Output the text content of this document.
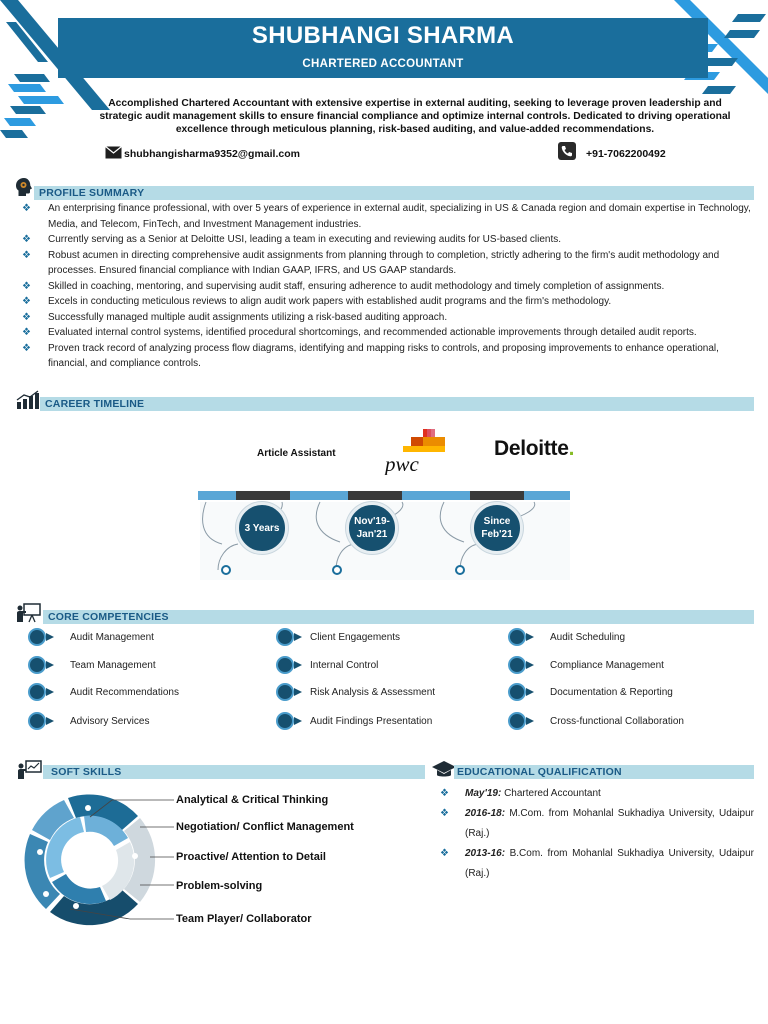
SHUBHANGI SHARMA
CHARTERED ACCOUNTANT
Accomplished Chartered Accountant with extensive expertise in external auditing, seeking to leverage proven leadership and strategic audit management skills to ensure financial compliance and optimize internal controls. Dedicated to driving operational excellence through meticulous planning, risk-based auditing, and value-added recommendations.
shubhangisharma9352@gmail.com	+91-7062200492
PROFILE SUMMARY
❖ An enterprising finance professional, with over 5 years of experience in external audit, specializing in US & Canada region and domain expertise in Technology, Media, and Telecom, FinTech, and Investment Management industries.
❖ Currently serving as a Senior at Deloitte USI, leading a team in executing and reviewing audits for US-based clients.
❖ Robust acumen in directing comprehensive audit assignments from planning through to completion, strictly adhering to the firm's audit methodology and processes. Ensured financial compliance with Indian GAAP, IFRS, and US GAAP standards.
❖ Skilled in coaching, mentoring, and supervising audit staff, ensuring adherence to audit methodology and timely completion of assignments.
❖ Excels in conducting meticulous reviews to align audit work papers with established audit programs and the firm's methodology.
❖ Successfully managed multiple audit assignments utilizing a risk-based auditing approach.
❖ Evaluated internal control systems, identified procedural shortcomings, and recommended actionable improvements through detailed audit reports.
❖ Proven track record of analyzing process flow diagrams, identifying and mapping risks to controls, and proposing improvements to enhance operational, financial, and compliance controls.
CAREER TIMELINE
Article Assistant pwc
Deloitte.
3 Years
Nov'19-
Jan'21
Since
Feb'21
CORE COMPETENCIES
Audit Management	Client Engagements	Audit Scheduling
Team Management	Internal Control	Compliance Management
Audit Recommendations	Risk Analysis & Assessment	Documentation & Reporting
Advisory Services	Audit Findings Presentation	Cross-functional Collaboration
SOFT SKILLS
Analytical & Critical Thinking
Negotiation/ Conflict Management
Proactive/ Attention to Detail
Problem-solving
Team Player/ Collaborator
EDUCATIONAL QUALIFICATION
❖	May'19: Chartered Accountant
❖	2016-18: M.Com. from Mohanlal Sukhadiya University, Udaipur (Raj.)
❖	2013-16: B.Com. from Mohanlal Sukhadiya University, Udaipur (Raj.)
